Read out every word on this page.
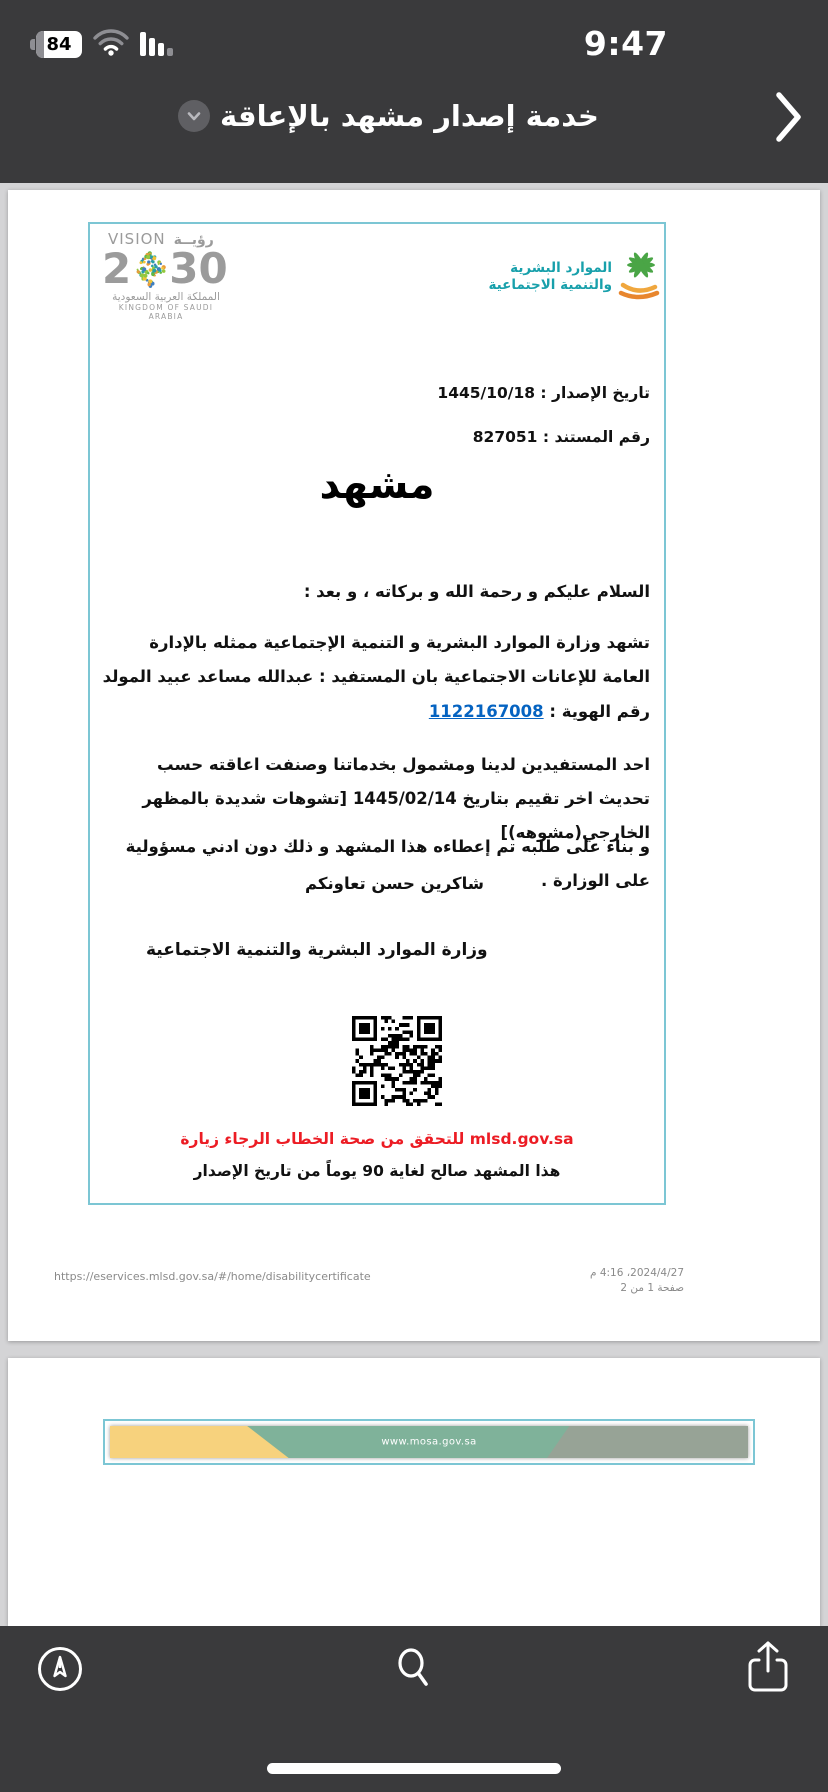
84	9:47
خدمة إصدار مشهد بالإعاقة
VISION رؤيــة
2 30
المملكة العربية السعودية
KINGDOM OF SAUDI ARABIA
الموارد البشرية
والتنمية الاجتماعية
تاريخ الإصدار : 1445/10/18
رقم المستند : 827051
مشهد
السلام عليكم و رحمة الله و بركاته ، و بعد :
تشهد وزارة الموارد البشرية و التنمية الإجتماعية ممثله بالإدارة العامة للإعانات الاجتماعية بان المستفيد : عبدالله مساعد عبيد المولد
رقم الهوية : 1122167008
احد المستفيدين لدينا ومشمول بخدماتنا وصنفت اعاقته حسب تحديث اخر تقييم بتاريخ 1445/02/14 [تشوهات شديدة بالمظهر الخارجي(مشوهه)]
و بناء على طلبه تم إعطاءه هذا المشهد و ذلك دون ادني مسؤولية على الوزارة .
شاكرين حسن تعاونكم
وزارة الموارد البشرية والتنمية الاجتماعية
للتحقق من صحة الخطاب الرجاء زيارة mlsd.gov.sa
هذا المشهد صالح لغاية 90 يوماً من تاريخ الإصدار
https://eservices.mlsd.gov.sa/#/home/disabilitycertificate	2024/4/27، 4:16 م
صفحة 1 من 2
www.mosa.gov.sa
